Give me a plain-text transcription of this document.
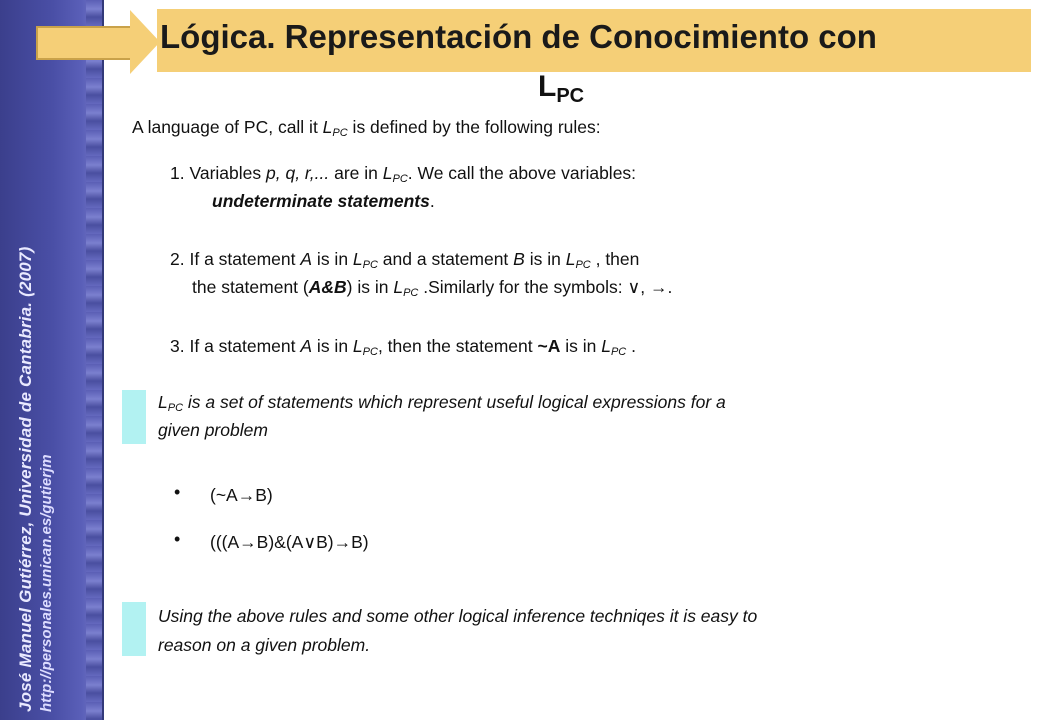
José Manuel Gutiérrez, Universidad de Cantabria. (2007) http://personales.unican.es/gutierjm
Lógica. Representación de Conocimiento con
$L_{PC}$
A language of PC, call it $L_{PC}$ is defined by the following rules:
1. Variables p, q, r,... are in $L_{PC}$. We call the above variables:
undeterminate statements.
2. If a statement A is in $L_{PC}$ and a statement B is in $L_{PC}$ , then
the statement (A&B) is in $L_{PC}$ .Similarly for the symbols: ∨, →.
3. If a statement A is in $L_{PC}$, then the statement ~A is in $L_{PC}$ .
$L_{PC}$ is a set of statements which represent useful logical expressions for a
given problem
• (~A→B)
• (((A→B)&(A∨B)→B)
Using the above rules and some other logical inference techniqes it is easy to
reason on a given problem.
